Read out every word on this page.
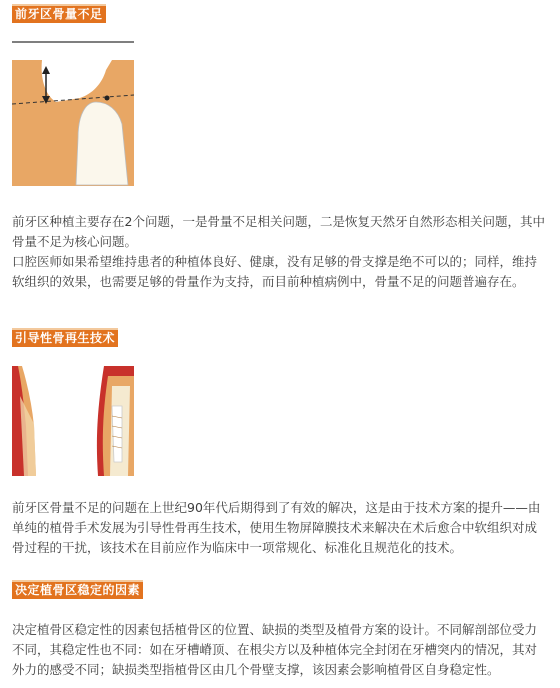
前牙区骨量不足

前牙区种植主要存在2个问题，一是骨量不足相关问题，二是恢复天然牙自然形态相关问题，其中骨量不足为核心问题。

口腔医师如果希望维持患者的种植体良好、健康，没有足够的骨支撑是绝不可以的；同样，维持软组织的效果，也需要足够的骨量作为支持，而目前种植病例中，骨量不足的问题普遍存在。

引导性骨再生技术

前牙区骨量不足的问题在上世纪90年代后期得到了有效的解决，这是由于技术方案的提升——由单纯的植骨手术发展为引导性骨再生技术，使用生物屏障膜技术来解决在术后愈合中软组织对成骨过程的干扰，该技术在目前应作为临床中一项常规化、标准化且规范化的技术。

决定植骨区稳定的因素

决定植骨区稳定性的因素包括植骨区的位置、缺损的类型及植骨方案的设计。不同解剖部位受力不同，其稳定性也不同：如在牙槽嵴顶、在根尖方以及种植体完全封闭在牙槽突内的情况，其对外力的感受不同；缺损类型指植骨区由几个骨壁支撑，该因素会影响植骨区自身稳定性。
